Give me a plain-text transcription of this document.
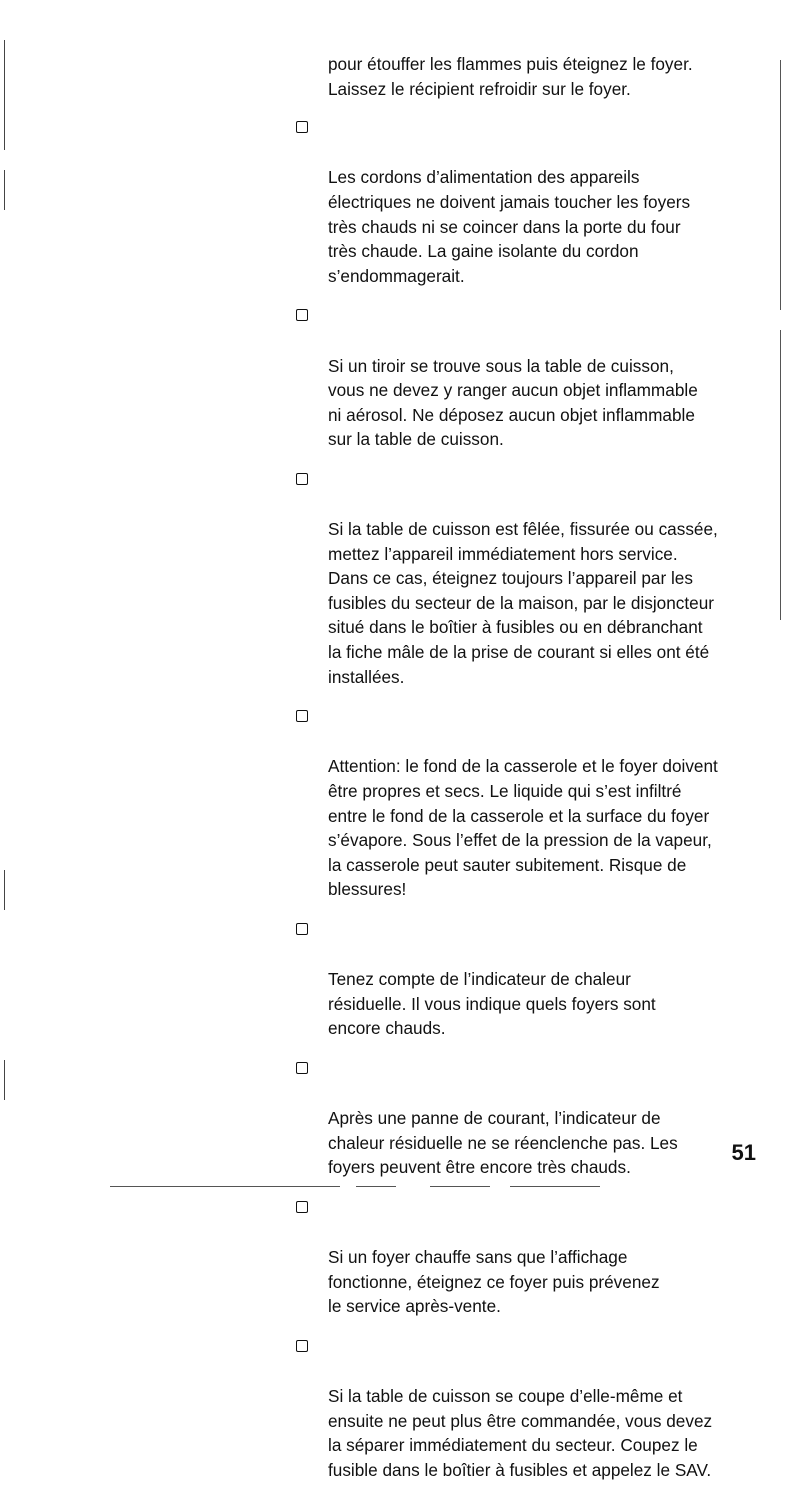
pour étouffer les flammes puis éteignez le foyer.
Laissez le récipient refroidir sur le foyer.

Les cordons d’alimentation des appareils
électriques ne doivent jamais toucher les foyers
très chauds ni se coincer dans la porte du four
très chaude. La gaine isolante du cordon
s’endommagerait.

Si un tiroir se trouve sous la table de cuisson,
vous ne devez y ranger aucun objet inflammable
ni aérosol. Ne déposez aucun objet inflammable
sur la table de cuisson.

Si la table de cuisson est fêlée, fissurée ou cassée,
mettez l’appareil immédiatement hors service.
Dans ce cas, éteignez toujours l’appareil par les
fusibles du secteur de la maison, par le disjoncteur
situé dans le boîtier à fusibles ou en débranchant
la fiche mâle de la prise de courant si elles ont été
installées.

Attention: le fond de la casserole et le foyer doivent
être propres et secs. Le liquide qui s’est infiltré
entre le fond de la casserole et la surface du foyer
s’évapore. Sous l’effet de la pression de la vapeur,
la casserole peut sauter subitement. Risque de
blessures!

Tenez compte de l’indicateur de chaleur
résiduelle. Il vous indique quels foyers sont
encore chauds.

Après une panne de courant, l’indicateur de
chaleur résiduelle ne se réenclenche pas. Les
foyers peuvent être encore très chauds.

Si un foyer chauffe sans que l’affichage
fonctionne, éteignez ce foyer puis prévenez
le service après-vente.

Si la table de cuisson se coupe d’elle-même et
ensuite ne peut plus être commandée, vous devez
la séparer immédiatement du secteur. Coupez le
fusible dans le boîtier à fusibles et appelez le SAV.

51
